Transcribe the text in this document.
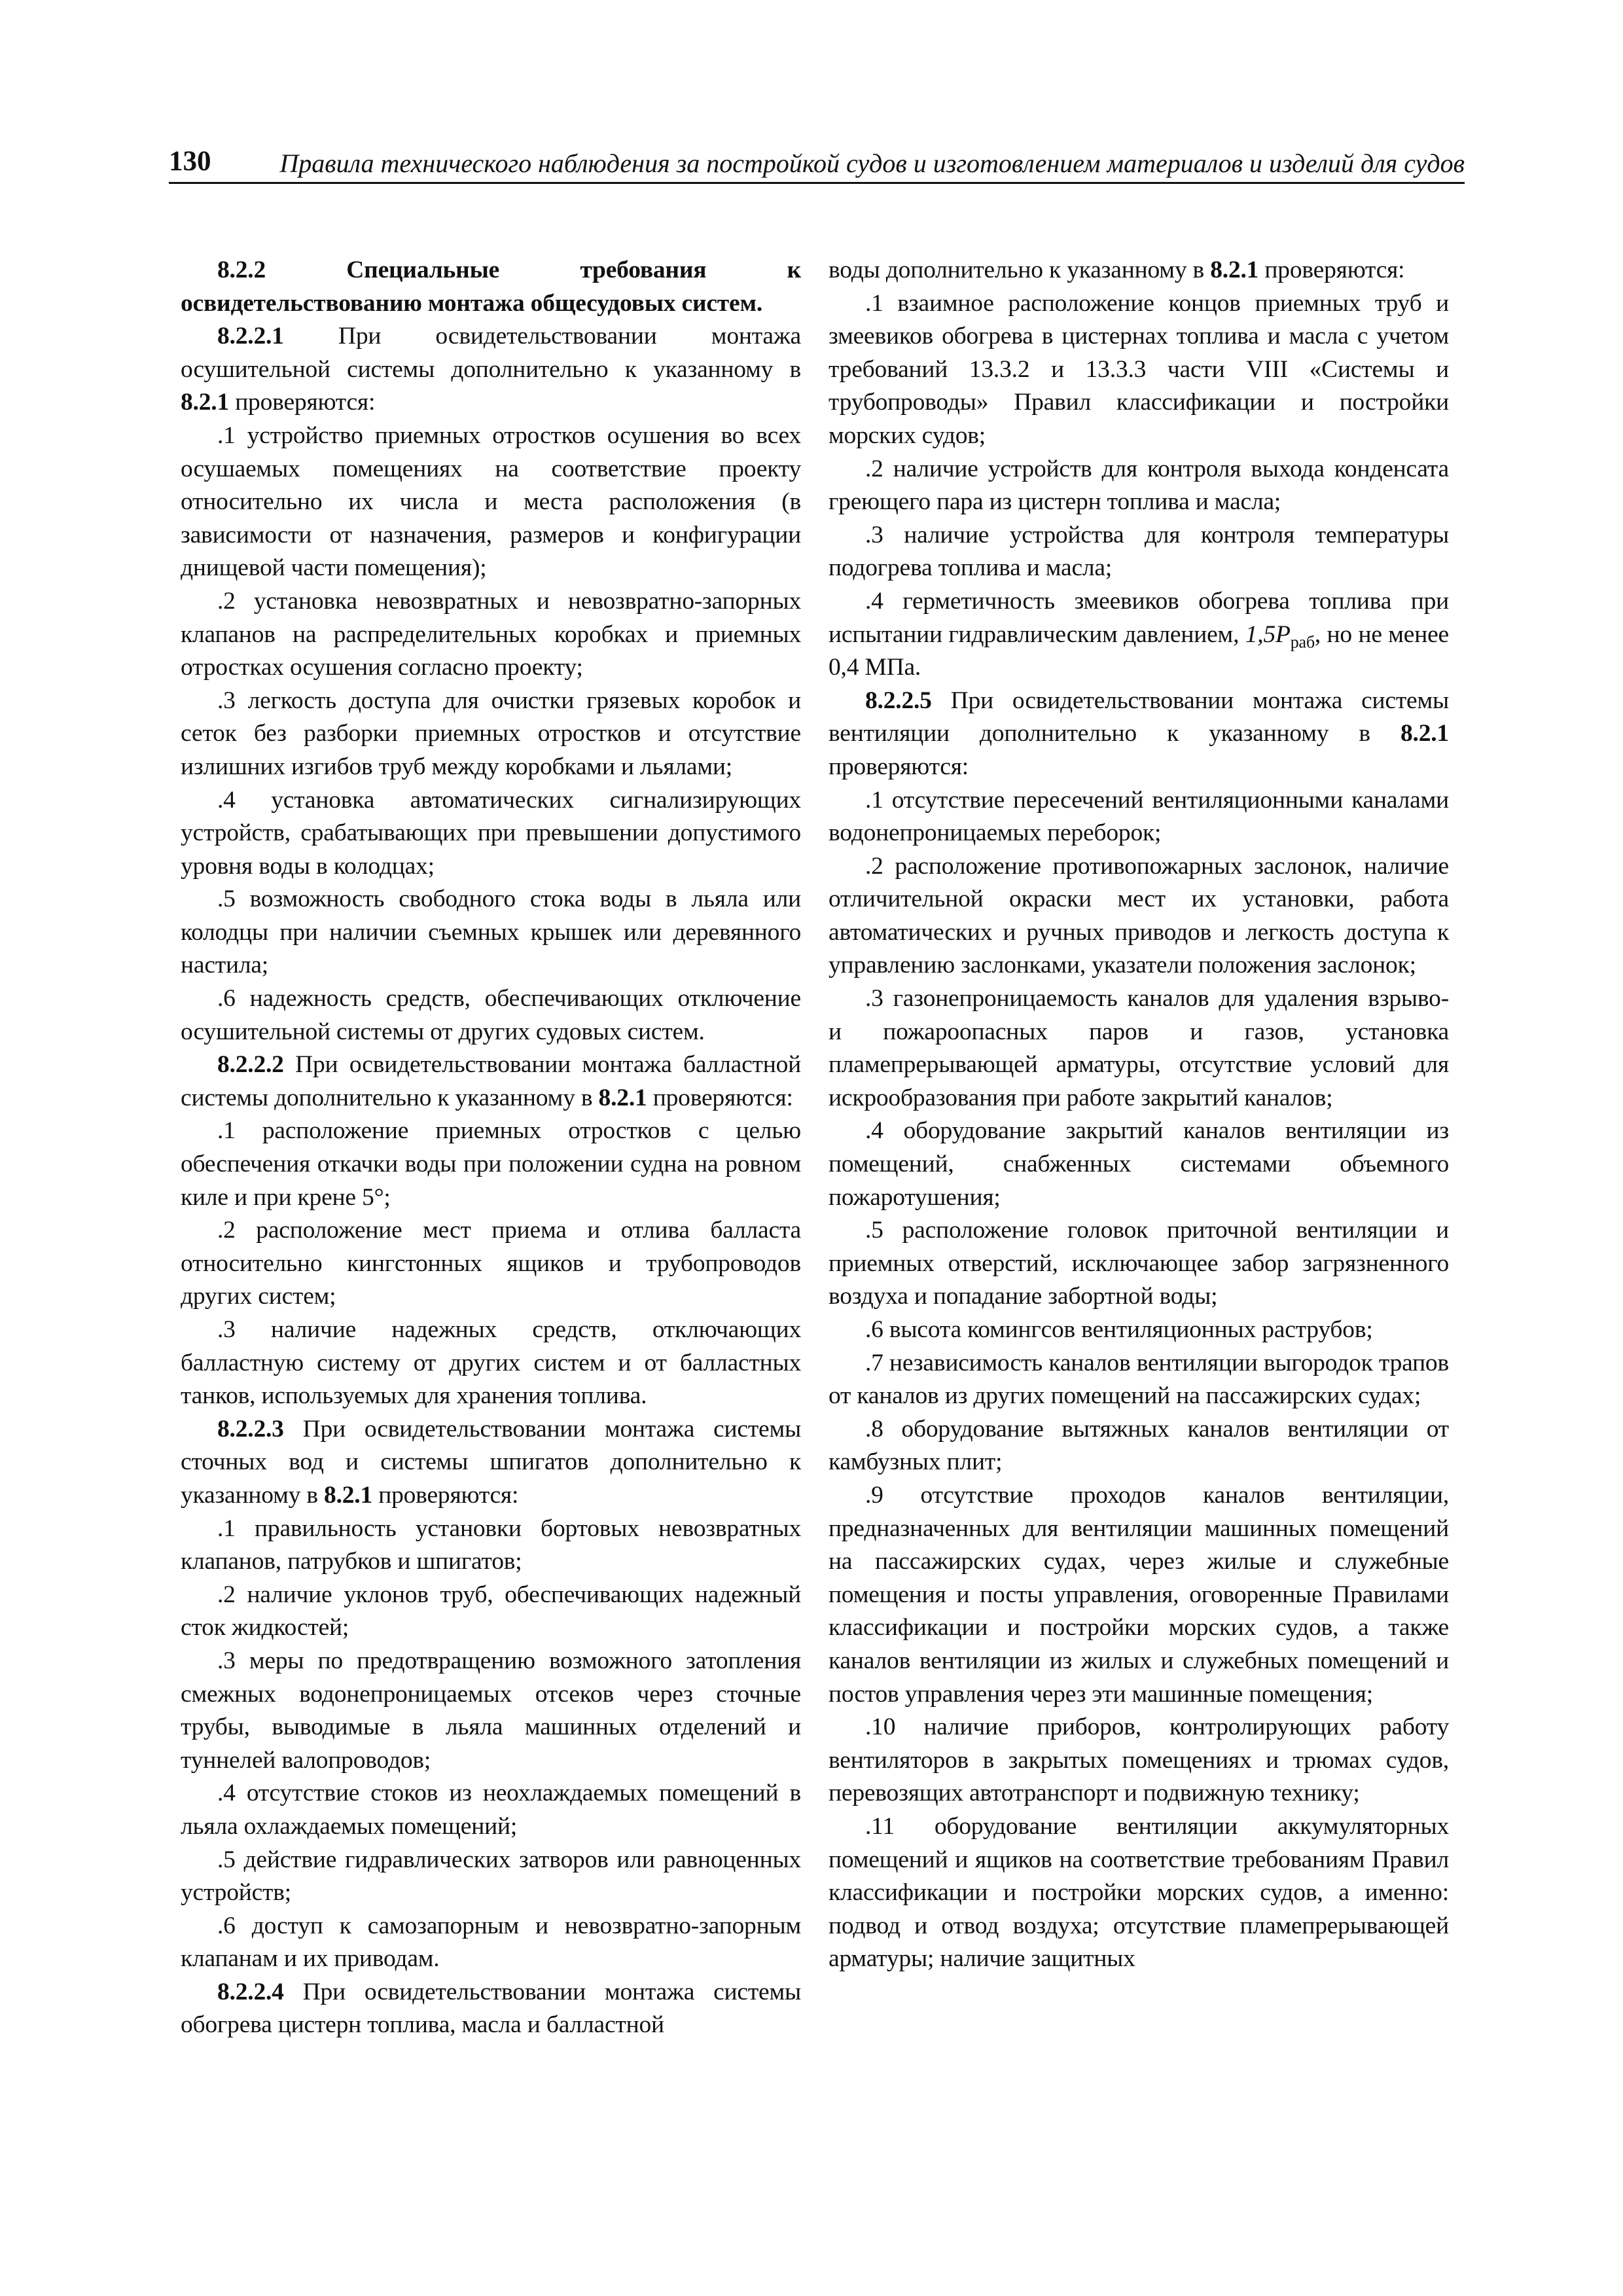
130	Правила технического наблюдения за постройкой судов и изготовлением материалов и изделий для судов

8.2.2 Специальные требования к освидетельствованию монтажа общесудовых систем.

8.2.2.1 При освидетельствовании монтажа осушительной системы дополнительно к указанному в 8.2.1 проверяются:

.1 устройство приемных отростков осушения во всех осушаемых помещениях на соответствие проекту относительно их числа и места расположения (в зависимости от назначения, размеров и конфигурации днищевой части помещения);

.2 установка невозвратных и невозвратно-запорных клапанов на распределительных коробках и приемных отростках осушения согласно проекту;

.3 легкость доступа для очистки грязевых коробок и сеток без разборки приемных отростков и отсутствие излишних изгибов труб между коробками и льялами;

.4 установка автоматических сигнализирующих устройств, срабатывающих при превышении допустимого уровня воды в колодцах;

.5 возможность свободного стока воды в льяла или колодцы при наличии съемных крышек или деревянного настила;

.6 надежность средств, обеспечивающих отключение осушительной системы от других судовых систем.

8.2.2.2 При освидетельствовании монтажа балластной системы дополнительно к указанному в 8.2.1 проверяются:

.1 расположение приемных отростков с целью обеспечения откачки воды при положении судна на ровном киле и при крене 5°;

.2 расположение мест приема и отлива балласта относительно кингстонных ящиков и трубопроводов других систем;

.3 наличие надежных средств, отключающих балластную систему от других систем и от балластных танков, используемых для хранения топлива.

8.2.2.3 При освидетельствовании монтажа системы сточных вод и системы шпигатов дополнительно к указанному в 8.2.1 проверяются:

.1 правильность установки бортовых невозвратных клапанов, патрубков и шпигатов;

.2 наличие уклонов труб, обеспечивающих надежный сток жидкостей;

.3 меры по предотвращению возможного затопления смежных водонепроницаемых отсеков через сточные трубы, выводимые в льяла машинных отделений и туннелей валопроводов;

.4 отсутствие стоков из неохлаждаемых помещений в льяла охлаждаемых помещений;

.5 действие гидравлических затворов или равноценных устройств;

.6 доступ к самозапорным и невозвратно-запорным клапанам и их приводам.

8.2.2.4 При освидетельствовании монтажа системы обогрева цистерн топлива, масла и балластной

воды дополнительно к указанному в 8.2.1 проверяются:

.1 взаимное расположение концов приемных труб и змеевиков обогрева в цистернах топлива и масла с учетом требований 13.3.2 и 13.3.3 части VIII «Системы и трубопроводы» Правил классификации и постройки морских судов;

.2 наличие устройств для контроля выхода конденсата греющего пара из цистерн топлива и масла;

.3 наличие устройства для контроля температуры подогрева топлива и масла;

.4 герметичность змеевиков обогрева топлива при испытании гидравлическим давлением, $1,5P_{раб}$, но не менее 0,4 МПа.

8.2.2.5 При освидетельствовании монтажа системы вентиляции дополнительно к указанному в 8.2.1 проверяются:

.1 отсутствие пересечений вентиляционными каналами водонепроницаемых переборок;

.2 расположение противопожарных заслонок, наличие отличительной окраски мест их установки, работа автоматических и ручных приводов и легкость доступа к управлению заслонками, указатели положения заслонок;

.3 газонепроницаемость каналов для удаления взрыво- и пожароопасных паров и газов, установка пламепрерывающей арматуры, отсутствие условий для искрообразования при работе закрытий каналов;

.4 оборудование закрытий каналов вентиляции из помещений, снабженных системами объемного пожаротушения;

.5 расположение головок приточной вентиляции и приемных отверстий, исключающее забор загрязненного воздуха и попадание забортной воды;

.6 высота комингсов вентиляционных раструбов;

.7 независимость каналов вентиляции выгородок трапов от каналов из других помещений на пассажирских судах;

.8 оборудование вытяжных каналов вентиляции от камбузных плит;

.9 отсутствие проходов каналов вентиляции, предназначенных для вентиляции машинных помещений на пассажирских судах, через жилые и служебные помещения и посты управления, оговоренные Правилами классификации и постройки морских судов, а также каналов вентиляции из жилых и служебных помещений и постов управления через эти машинные помещения;

.10 наличие приборов, контролирующих работу вентиляторов в закрытых помещениях и трюмах судов, перевозящих автотранспорт и подвижную технику;

.11 оборудование вентиляции аккумуляторных помещений и ящиков на соответствие требованиям Правил классификации и постройки морских судов, а именно: подвод и отвод воздуха; отсутствие пламепрерывающей арматуры; наличие защитных
